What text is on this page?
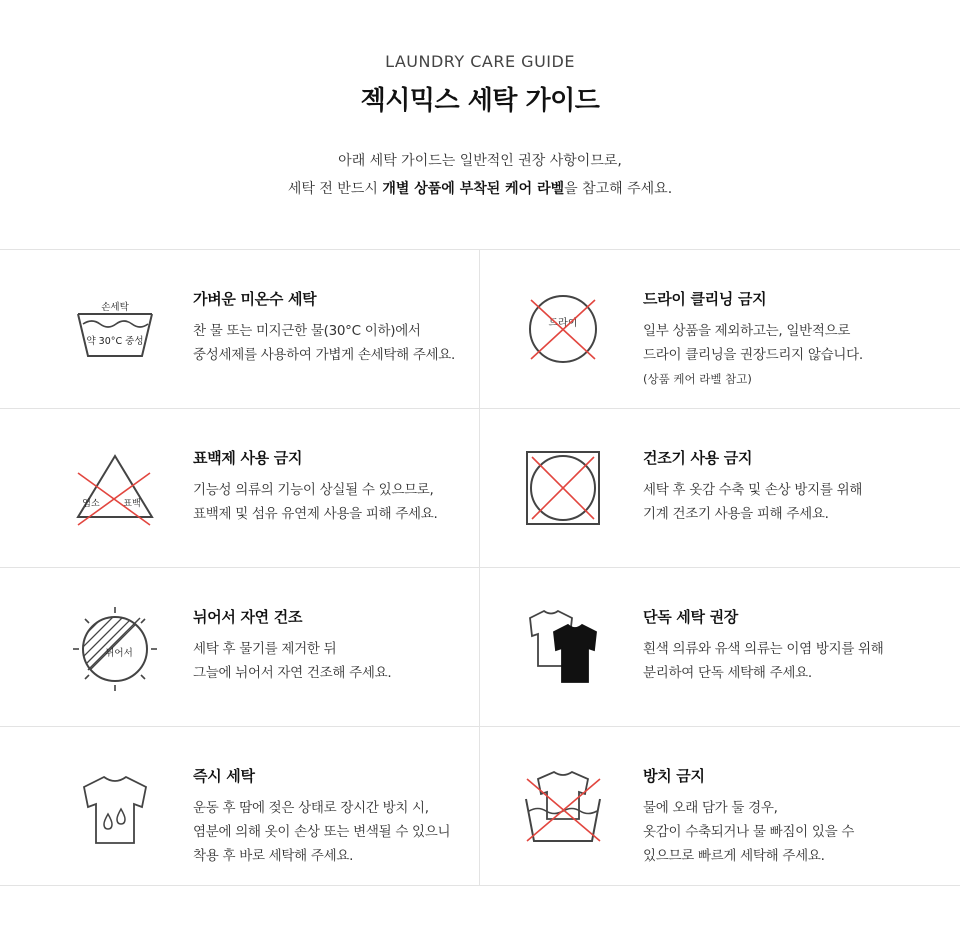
LAUNDRY CARE GUIDE
젝시믹스 세탁 가이드
아래 세탁 가이드는 일반적인 권장 사항이므로,
세탁 전 반드시 개별 상품에 부착된 케어 라벨을 참고해 주세요.
손세탁
약 30°C 중성
가벼운 미온수 세탁
찬 물 또는 미지근한 물(30°C 이하)에서
중성세제를 사용하여 가볍게 손세탁해 주세요.
드라이
드라이 클리닝 금지
일부 상품을 제외하고는, 일반적으로
드라이 클리닝을 권장드리지 않습니다.
(상품 케어 라벨 참고)
염소	표백
표백제 사용 금지
기능성 의류의 기능이 상실될 수 있으므로,
표백제 및 섬유 유연제 사용을 피해 주세요.
건조기 사용 금지
세탁 후 옷감 수축 및 손상 방지를 위해
기계 건조기 사용을 피해 주세요.
뉘어서
뉘어서 자연 건조
세탁 후 물기를 제거한 뒤
그늘에 뉘어서 자연 건조해 주세요.
단독 세탁 권장
흰색 의류와 유색 의류는 이염 방지를 위해
분리하여 단독 세탁해 주세요.
즉시 세탁
운동 후 땀에 젖은 상태로 장시간 방치 시,
염분에 의해 옷이 손상 또는 변색될 수 있으니
착용 후 바로 세탁해 주세요.
방치 금지
물에 오래 담가 둘 경우,
옷감이 수축되거나 물 빠짐이 있을 수
있으므로 빠르게 세탁해 주세요.
